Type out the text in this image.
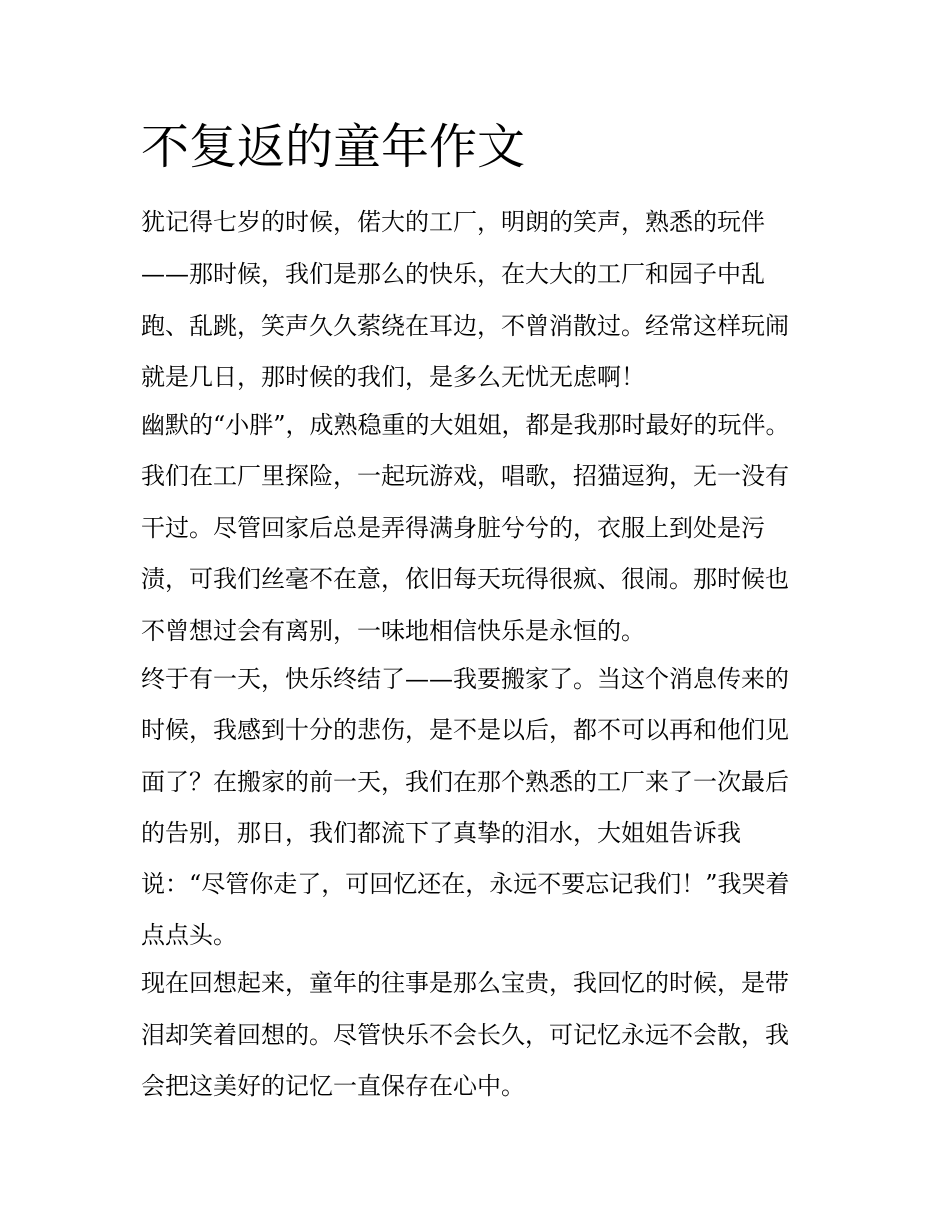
不复返的童年作文
犹记得七岁的时候，偌大的工厂，明朗的笑声，熟悉的玩伴
——那时候，我们是那么的快乐，在大大的工厂和园子中乱
跑、乱跳，笑声久久萦绕在耳边，不曾消散过。经常这样玩闹
就是几日，那时候的我们，是多么无忧无虑啊！
幽默的“小胖”，成熟稳重的大姐姐，都是我那时最好的玩伴。
我们在工厂里探险，一起玩游戏，唱歌，招猫逗狗，无一没有
干过。尽管回家后总是弄得满身脏兮兮的，衣服上到处是污
渍，可我们丝毫不在意，依旧每天玩得很疯、很闹。那时候也
不曾想过会有离别，一味地相信快乐是永恒的。
终于有一天，快乐终结了——我要搬家了。当这个消息传来的
时候，我感到十分的悲伤，是不是以后，都不可以再和他们见
面了？在搬家的前一天，我们在那个熟悉的工厂来了一次最后
的告别，那日，我们都流下了真挚的泪水，大姐姐告诉我
说：“尽管你走了，可回忆还在，永远不要忘记我们！”我哭着
点点头。
现在回想起来，童年的往事是那么宝贵，我回忆的时候，是带
泪却笑着回想的。尽管快乐不会长久，可记忆永远不会散，我
会把这美好的记忆一直保存在心中。
